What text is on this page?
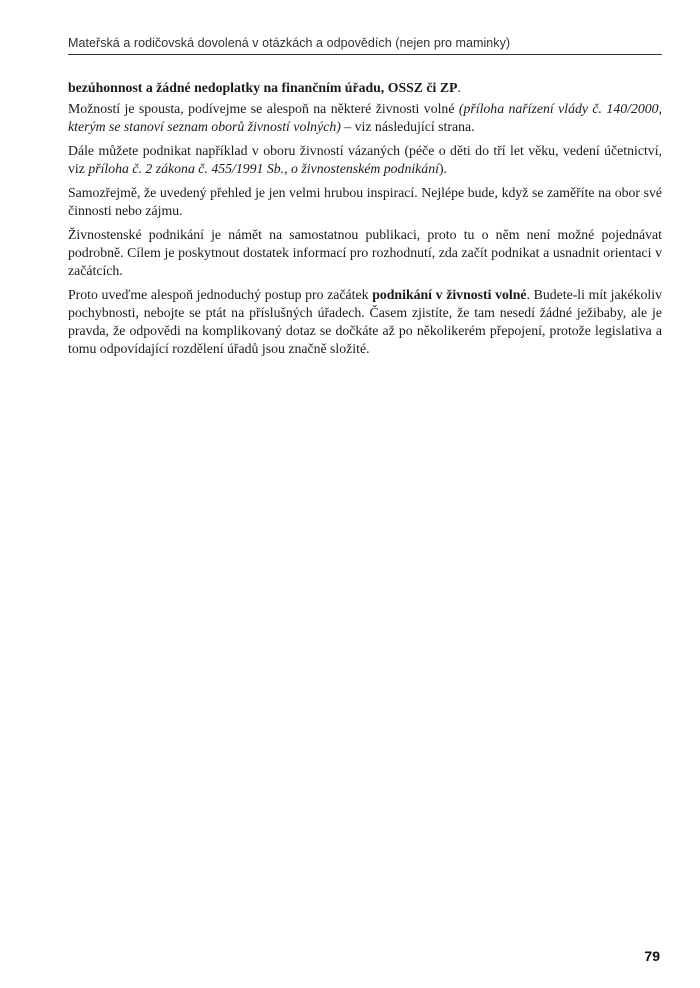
Mateřská a rodičovská dovolená v otázkách a odpovědích (nejen pro maminky)

bezúhonnost a žádné nedoplatky na finančním úřadu, OSSZ či ZP.

Možností je spousta, podívejme se alespoň na některé živnosti volné (příloha nařízení vlády č. 140/2000, kterým se stanoví seznam oborů živností volných) – viz následující strana.

Dále můžete podnikat například v oboru živností vázaných (péče o děti do tří let věku, vedení účetnictví, viz příloha č. 2 zákona č. 455/1991 Sb., o živnostenském podnikání).

Samozřejmě, že uvedený přehled je jen velmi hrubou inspirací. Nejlépe bude, když se zaměříte na obor své činnosti nebo zájmu.

Živnostenské podnikání je námět na samostatnou publikaci, proto tu o něm není možné pojednávat podrobně. Cílem je poskytnout dostatek informací pro rozhodnutí, zda začít podnikat a usnadnit orientaci v začátcích.

Proto uveďme alespoň jednoduchý postup pro začátek podnikání v živnosti volné. Budete-li mít jakékoliv pochybnosti, nebojte se ptát na příslušných úřadech. Časem zjistíte, že tam nesedí žádné ježibaby, ale je pravda, že odpovědi na komplikovaný dotaz se dočkáte až po několikerém přepojení, protože legislativa a tomu odpovídající rozdělení úřadů jsou značně složité.

79
